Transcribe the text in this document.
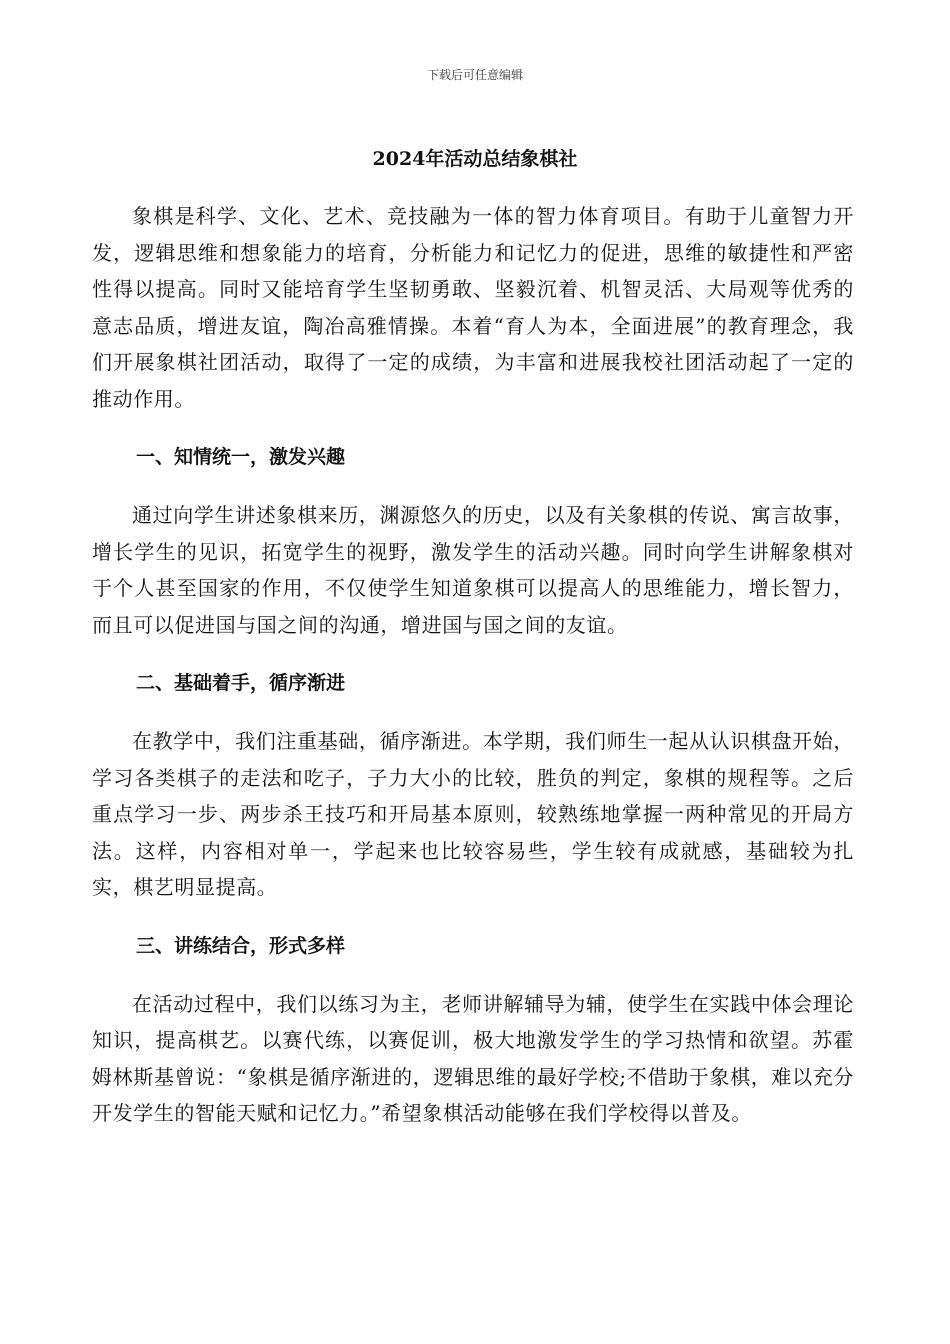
下载后可任意编辑
2024年活动总结象棋社

象棋是科学、文化、艺术、竞技融为一体的智力体育项目。有助于儿童智力开发，逻辑思维和想象能力的培育，分析能力和记忆力的促进，思维的敏捷性和严密性得以提高。同时又能培育学生坚韧勇敢、坚毅沉着、机智灵活、大局观等优秀的意志品质，增进友谊，陶冶高雅情操。本着“育人为本，全面进展”的教育理念，我们开展象棋社团活动，取得了一定的成绩，为丰富和进展我校社团活动起了一定的推动作用。

一、知情统一，激发兴趣

通过向学生讲述象棋来历，渊源悠久的历史，以及有关象棋的传说、寓言故事，增长学生的见识，拓宽学生的视野，激发学生的活动兴趣。同时向学生讲解象棋对于个人甚至国家的作用，不仅使学生知道象棋可以提高人的思维能力，增长智力，而且可以促进国与国之间的沟通，增进国与国之间的友谊。

二、基础着手，循序渐进

在教学中，我们注重基础，循序渐进。本学期，我们师生一起从认识棋盘开始，学习各类棋子的走法和吃子，子力大小的比较，胜负的判定，象棋的规程等。之后重点学习一步、两步杀王技巧和开局基本原则，较熟练地掌握一两种常见的开局方法。这样，内容相对单一，学起来也比较容易些，学生较有成就感，基础较为扎实，棋艺明显提高。

三、讲练结合，形式多样

在活动过程中，我们以练习为主，老师讲解辅导为辅，使学生在实践中体会理论知识，提高棋艺。以赛代练，以赛促训，极大地激发学生的学习热情和欲望。苏霍姆林斯基曾说：“象棋是循序渐进的，逻辑思维的最好学校;不借助于象棋，难以充分开发学生的智能天赋和记忆力。”希望象棋活动能够在我们学校得以普及。
